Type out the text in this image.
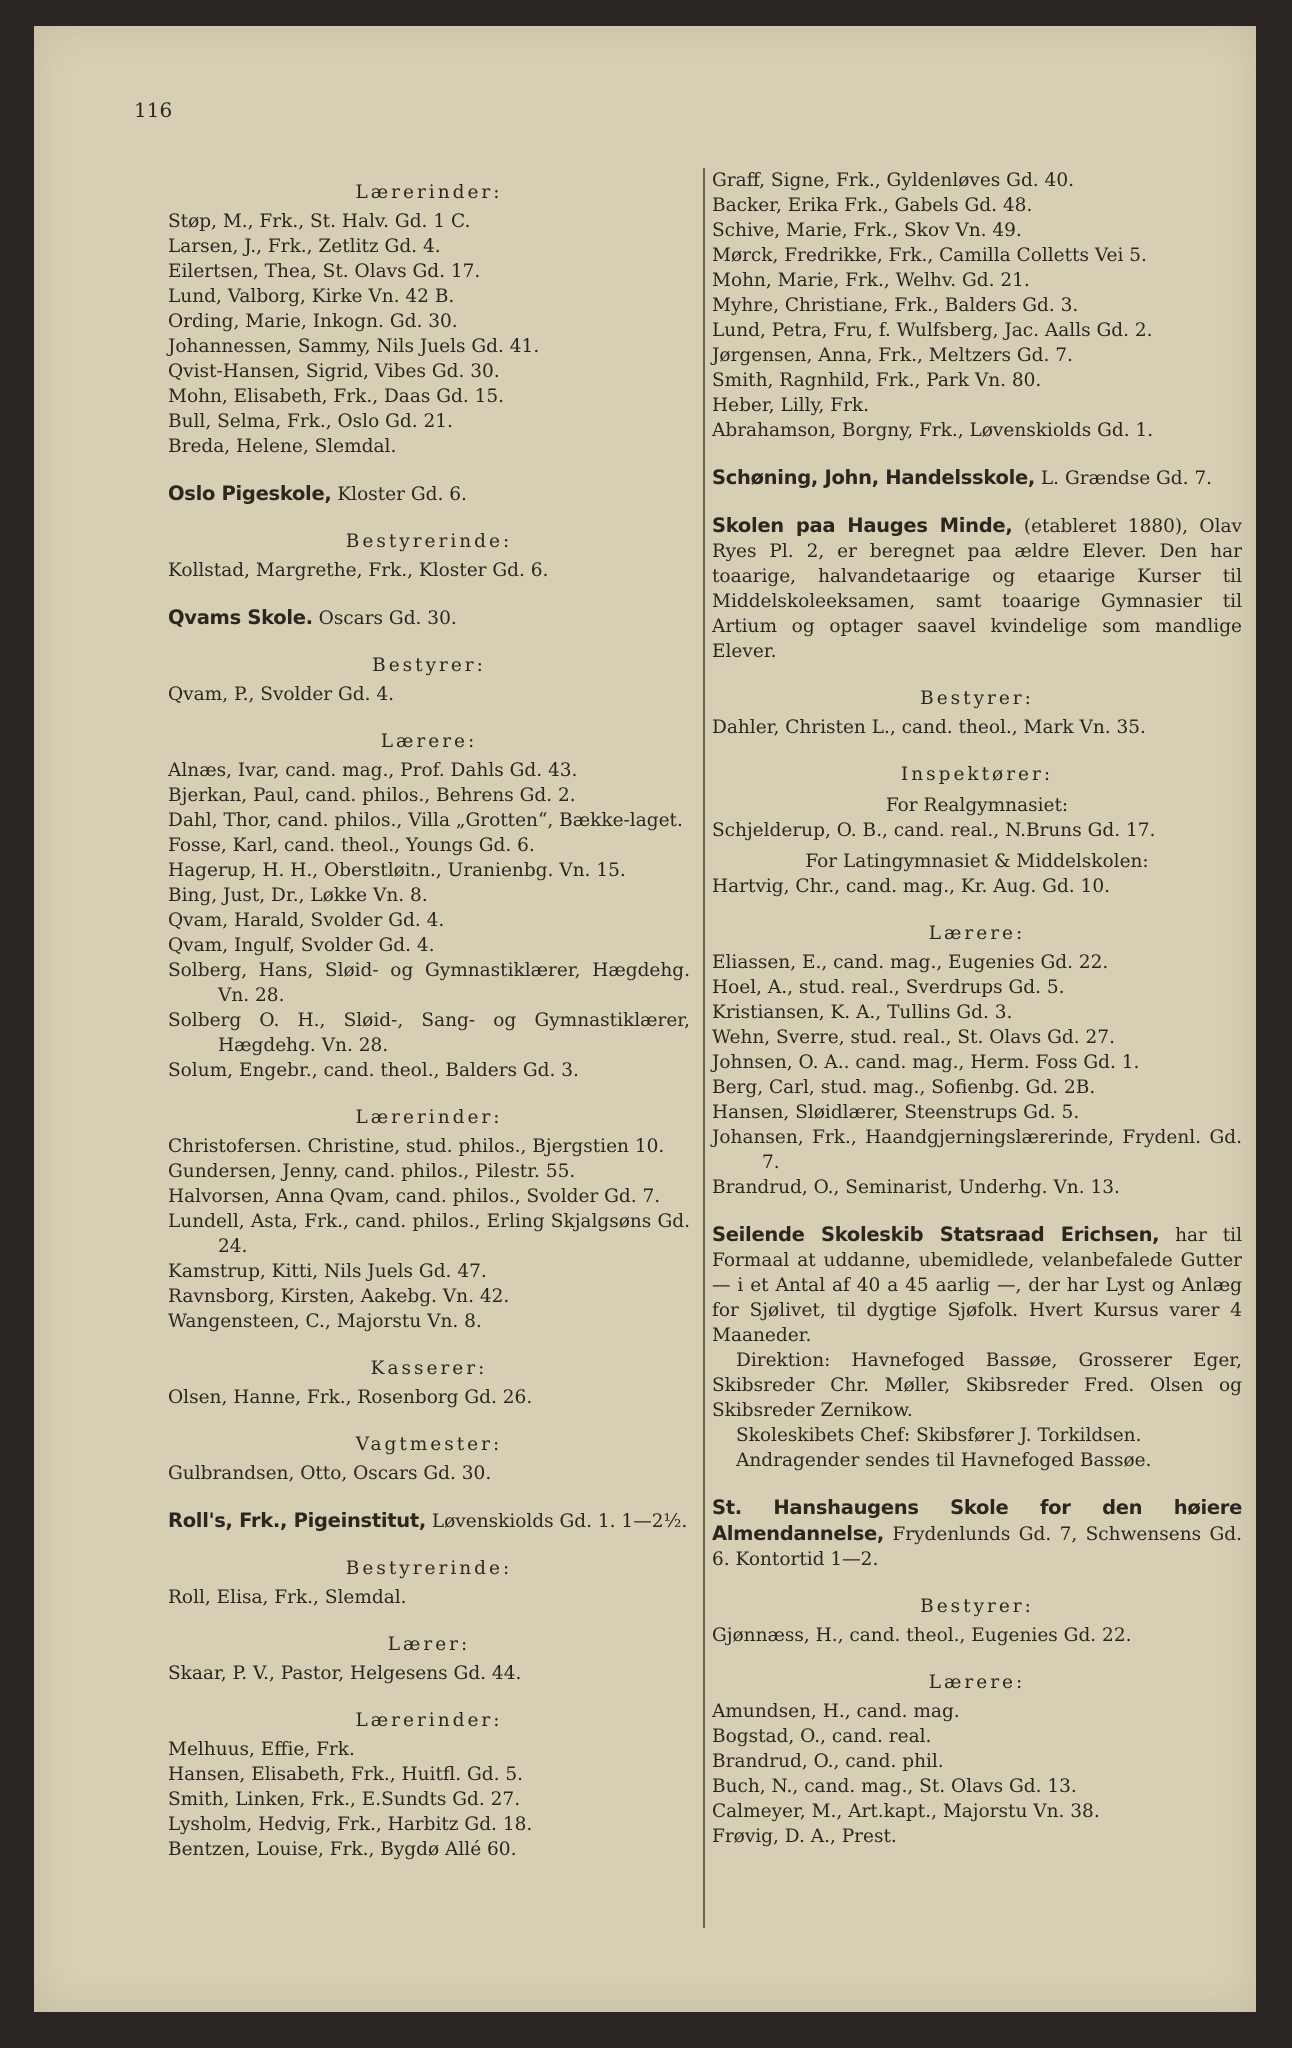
116
Lærerinder:
Støp, M., Frk., St. Halv. Gd. 1 C.
Larsen, J., Frk., Zetlitz Gd. 4.
Eilertsen, Thea, St. Olavs Gd. 17.
Lund, Valborg, Kirke Vn. 42 B.
Ording, Marie, Inkogn. Gd. 30.
Johannessen, Sammy, Nils Juels Gd. 41.
Qvist-Hansen, Sigrid, Vibes Gd. 30.
Mohn, Elisabeth, Frk., Daas Gd. 15.
Bull, Selma, Frk., Oslo Gd. 21.
Breda, Helene, Slemdal.
Oslo Pigeskole, Kloster Gd. 6.
Bestyrerinde:
Kollstad, Margrethe, Frk., Kloster Gd. 6.
Qvams Skole. Oscars Gd. 30.
Bestyrer:
Qvam, P., Svolder Gd. 4.
Lærere:
Alnæs, Ivar, cand. mag., Prof. Dahls Gd. 43.
Bjerkan, Paul, cand. philos., Behrens Gd. 2.
Dahl, Thor, cand. philos., Villa „Grotten“, Bække-laget.
Fosse, Karl, cand. theol., Youngs Gd. 6.
Hagerup, H. H., Oberstløitn., Uranienbg. Vn. 15.
Bing, Just, Dr., Løkke Vn. 8.
Qvam, Harald, Svolder Gd. 4.
Qvam, Ingulf, Svolder Gd. 4.
Solberg, Hans, Sløid- og Gymnastiklærer, Hægdehg. Vn. 28.
Solberg O. H., Sløid-, Sang- og Gymnastiklærer, Hægdehg. Vn. 28.
Solum, Engebr., cand. theol., Balders Gd. 3.
Lærerinder:
Christofersen. Christine, stud. philos., Bjergstien 10.
Gundersen, Jenny, cand. philos., Pilestr. 55.
Halvorsen, Anna Qvam, cand. philos., Svolder Gd. 7.
Lundell, Asta, Frk., cand. philos., Erling Skjalgsøns Gd. 24.
Kamstrup, Kitti, Nils Juels Gd. 47.
Ravnsborg, Kirsten, Aakebg. Vn. 42.
Wangensteen, C., Majorstu Vn. 8.
Kasserer:
Olsen, Hanne, Frk., Rosenborg Gd. 26.
Vagtmester:
Gulbrandsen, Otto, Oscars Gd. 30.
Roll's, Frk., Pigeinstitut, Løvenskiolds Gd. 1. 1—2½.
Bestyrerinde:
Roll, Elisa, Frk., Slemdal.
Lærer:
Skaar, P. V., Pastor, Helgesens Gd. 44.
Lærerinder:
Melhuus, Effie, Frk.
Hansen, Elisabeth, Frk., Huitfl. Gd. 5.
Smith, Linken, Frk., E.Sundts Gd. 27.
Lysholm, Hedvig, Frk., Harbitz Gd. 18.
Bentzen, Louise, Frk., Bygdø Allé 60.
Graff, Signe, Frk., Gyldenløves Gd. 40.
Backer, Erika Frk., Gabels Gd. 48.
Schive, Marie, Frk., Skov Vn. 49.
Mørck, Fredrikke, Frk., Camilla Colletts Vei 5.
Mohn, Marie, Frk., Welhv. Gd. 21.
Myhre, Christiane, Frk., Balders Gd. 3.
Lund, Petra, Fru, f. Wulfsberg, Jac. Aalls Gd. 2.
Jørgensen, Anna, Frk., Meltzers Gd. 7.
Smith, Ragnhild, Frk., Park Vn. 80.
Heber, Lilly, Frk.
Abrahamson, Borgny, Frk., Løvenskiolds Gd. 1.
Schøning, John, Handelsskole, L. Grændse Gd. 7.
Skolen paa Hauges Minde, (etableret 1880), Olav Ryes Pl. 2, er beregnet paa ældre Elever. Den har toaarige, halvandetaarige og etaarige Kurser til Middelskoleeksamen, samt toaarige Gymnasier til Artium og optager saavel kvindelige som mandlige Elever.
Bestyrer:
Dahler, Christen L., cand. theol., Mark Vn. 35.
Inspektører:
For Realgymnasiet:
Schjelderup, O. B., cand. real., N.Bruns Gd. 17.
For Latingymnasiet & Middelskolen:
Hartvig, Chr., cand. mag., Kr. Aug. Gd. 10.
Lærere:
Eliassen, E., cand. mag., Eugenies Gd. 22.
Hoel, A., stud. real., Sverdrups Gd. 5.
Kristiansen, K. A., Tullins Gd. 3.
Wehn, Sverre, stud. real., St. Olavs Gd. 27.
Johnsen, O. A.. cand. mag., Herm. Foss Gd. 1.
Berg, Carl, stud. mag., Sofienbg. Gd. 2B.
Hansen, Sløidlærer, Steenstrups Gd. 5.
Johansen, Frk., Haandgjerningslærerinde, Frydenl. Gd. 7.
Brandrud, O., Seminarist, Underhg. Vn. 13.
Seilende Skoleskib Statsraad Erichsen, har til Formaal at uddanne, ubemidlede, velanbefalede Gutter — i et Antal af 40 a 45 aarlig —, der har Lyst og Anlæg for Sjølivet, til dygtige Sjøfolk. Hvert Kursus varer 4 Maaneder.
Direktion: Havnefoged Bassøe, Grosserer Eger, Skibsreder Chr. Møller, Skibsreder Fred. Olsen og Skibsreder Zernikow.
Skoleskibets Chef: Skibsfører J. Torkildsen.
Andragender sendes til Havnefoged Bassøe.
St. Hanshaugens Skole for den høiere Almendannelse, Frydenlunds Gd. 7, Schwensens Gd. 6. Kontortid 1—2.
Bestyrer:
Gjønnæss, H., cand. theol., Eugenies Gd. 22.
Lærere:
Amundsen, H., cand. mag.
Bogstad, O., cand. real.
Brandrud, O., cand. phil.
Buch, N., cand. mag., St. Olavs Gd. 13.
Calmeyer, M., Art.kapt., Majorstu Vn. 38.
Frøvig, D. A., Prest.
